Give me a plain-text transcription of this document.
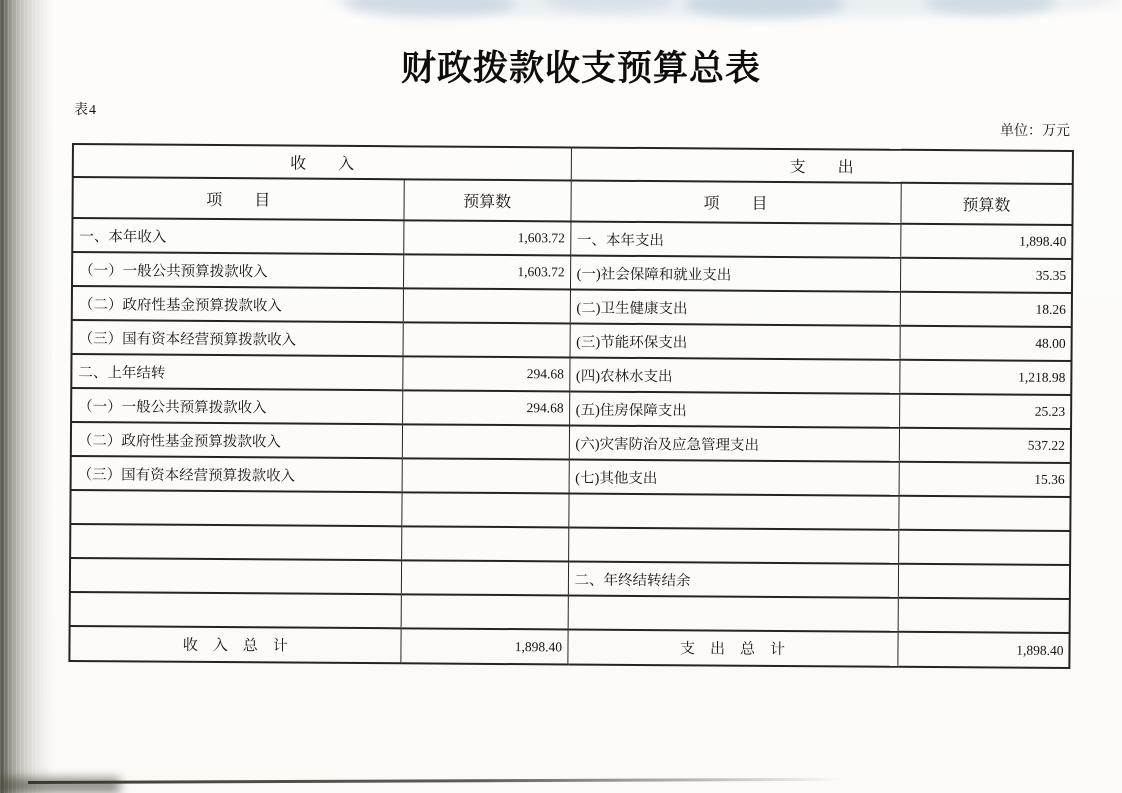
表4
财政拨款收支预算总表
单位：万元
收　　入		支　　出	
项　　目	预算数	项　　目	预算数
一、本年收入	1,603.72	一、本年支出	1,898.40
（一）一般公共预算拨款收入	1,603.72	(一)社会保障和就业支出	35.35
（二）政府性基金预算拨款收入		(二)卫生健康支出	18.26
（三）国有资本经营预算拨款收入		(三)节能环保支出	48.00
二、上年结转	294.68	(四)农林水支出	1,218.98
（一）一般公共预算拨款收入	294.68	(五)住房保障支出	25.23
（二）政府性基金预算拨款收入		(六)灾害防治及应急管理支出	537.22
（三）国有资本经营预算拨款收入		(七)其他支出	15.36

		二、年终结转结余	

收　入　总　计	1,898.40	支　出　总　计	1,898.40
